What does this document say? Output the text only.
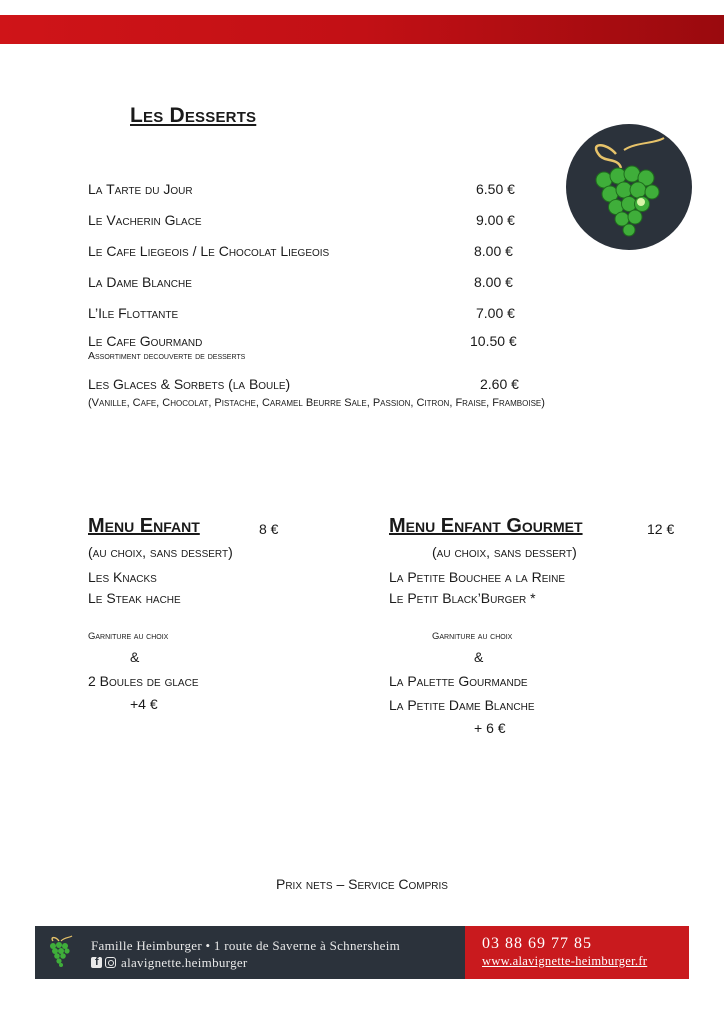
Les Desserts
La Tarte du Jour	6.50 €
Le Vacherin Glace	9.00 €
Le Cafe Liegeois / Le Chocolat Liegeois	8.00 €
La Dame Blanche	8.00 €
L’Ile Flottante	7.00 €
Le Cafe Gourmand	10.50 €
Assortiment decouverte de desserts
Les Glaces & Sorbets (la Boule)	2.60 €
(Vanille, Cafe, Chocolat, Pistache, Caramel Beurre Sale, Passion, Citron, Fraise, Framboise)
Menu Enfant	8 €
(au choix, sans dessert)
Les Knacks
Le Steak hache
Garniture au choix
&
2 Boules de glace
+4 €
Menu Enfant Gourmet	12 €
(au choix, sans dessert)
La Petite Bouchee a la Reine
Le Petit Black’Burger *
Garniture au choix
&
La Palette Gourmande
La Petite Dame Blanche
+ 6 €
Prix nets – Service Compris
Famille Heimburger • 1 route de Saverne à Schnersheim
f alavignette.heimburger
03 88 69 77 85
www.alavignette-heimburger.fr
